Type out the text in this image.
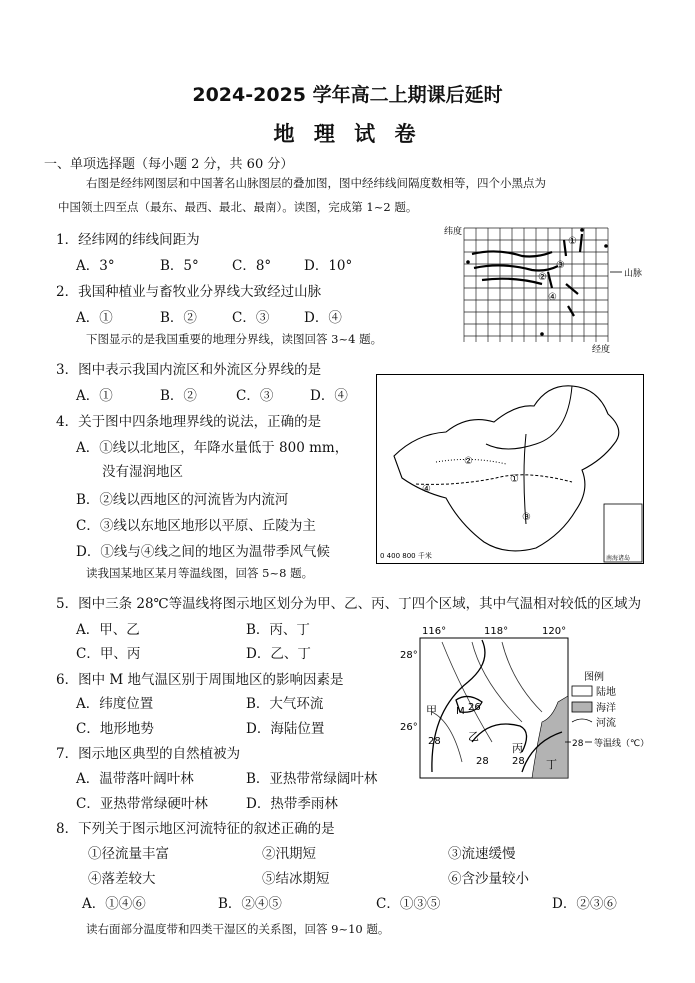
2024-2025 学年高二上期课后延时
地 理 试 卷
一、单项选择题（每小题 2 分，共 60 分）
右图是经纬网图层和中国著名山脉图层的叠加图，图中经纬线间隔度数相等，四个小黑点为
中国领土四至点（最东、最西、最北、最南）。读图，完成第 1~2 题。
1．经纬网的纬线间距为
A．3°	B．5° C．8° D．10°
2．我国种植业与畜牧业分界线大致经过山脉
A．①	B．②	C．③	D．④
下图显示的是我国重要的地理分界线，读图回答 3~4 题。
3．图中表示我国内流区和外流区分界线的是
A．①	B．②	C．③	D．④
4．关于图中四条地理界线的说法，正确的是
A．①线以北地区，年降水量低于 800 mm，
没有湿润地区
B．②线以西地区的河流皆为内流河
C．③线以东地区地形以平原、丘陵为主
D．①线与④线之间的地区为温带季风气候
读我国某地区某月等温线图，回答 5~8 题。
5．图中三条 28℃等温线将图示地区划分为甲、乙、丙、丁四个区域，其中气温相对较低的区域为
A．甲、乙	B．丙、丁
C．甲、丙	D．乙、丁
6．图中 M 地气温区别于周围地区的影响因素是
A．纬度位置	B．大气环流
C．地形地势	D．海陆位置
7．图示地区典型的自然植被为
A．温带落叶阔叶林	B．亚热带常绿阔叶林
C．亚热带常绿硬叶林	D．热带季雨林
8．下列关于图示地区河流特征的叙述正确的是
①径流量丰富	②汛期短	③流速缓慢
④落差较大	⑤结冰期短	⑥含沙量较小
A．①④⑥	B．②④⑤	C．①③⑤	D．②③⑥
读右面部分温度带和四类干湿区的关系图，回答 9~10 题。
纬度
经度
山脉
①
②
③
④
②
①
③
④
南海诸岛
0 400 800 千米
116°	118°	120°
28°
26°
甲
乙
丙
丁
M 26
28
28 28
图例
陆地
海洋
河流
28 等温线（℃）
